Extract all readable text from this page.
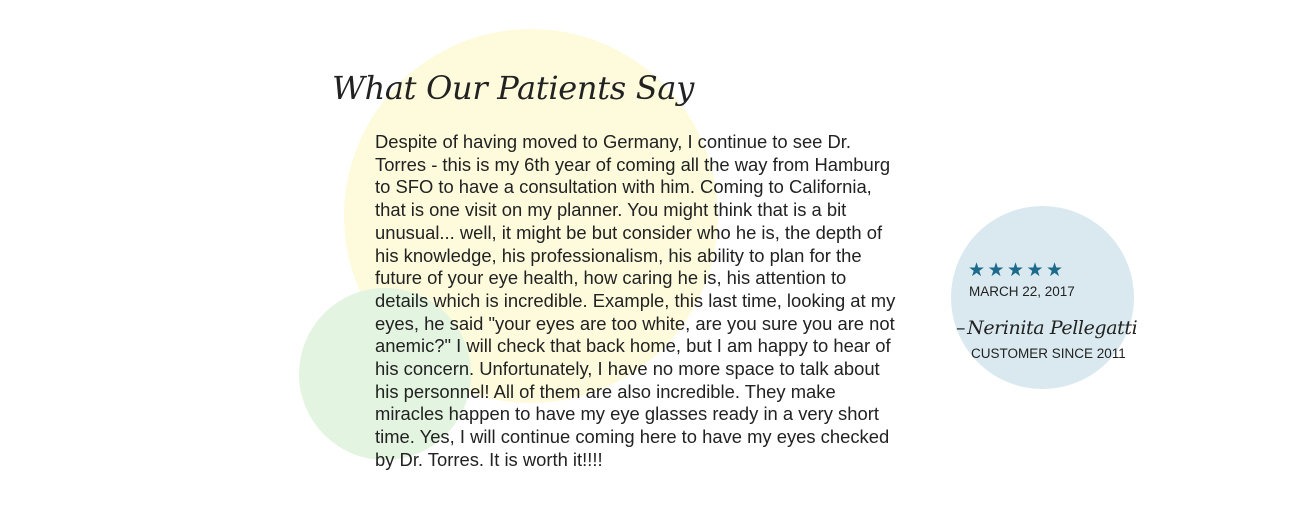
What Our Patients Say

Despite of having moved to Germany, I continue to see Dr. Torres - this is my 6th year of coming all the way from Hamburg to SFO to have a consultation with him. Coming to California, that is one visit on my planner. You might think that is a bit unusual... well, it might be but consider who he is, the depth of his knowledge, his professionalism, his ability to plan for the future of your eye health, how caring he is, his attention to details which is incredible. Example, this last time, looking at my eyes, he said "your eyes are too white, are you sure you are not anemic?" I will check that back home, but I am happy to hear of his concern. Unfortunately, I have no more space to talk about his personnel! All of them are also incredible. They make miracles happen to have my eye glasses ready in a very short time. Yes, I will continue coming here to have my eyes checked by Dr. Torres. It is worth it!!!!

★ ★ ★ ★ ★
MARCH 22, 2017
– Nerinita Pellegatti
CUSTOMER SINCE 2011
